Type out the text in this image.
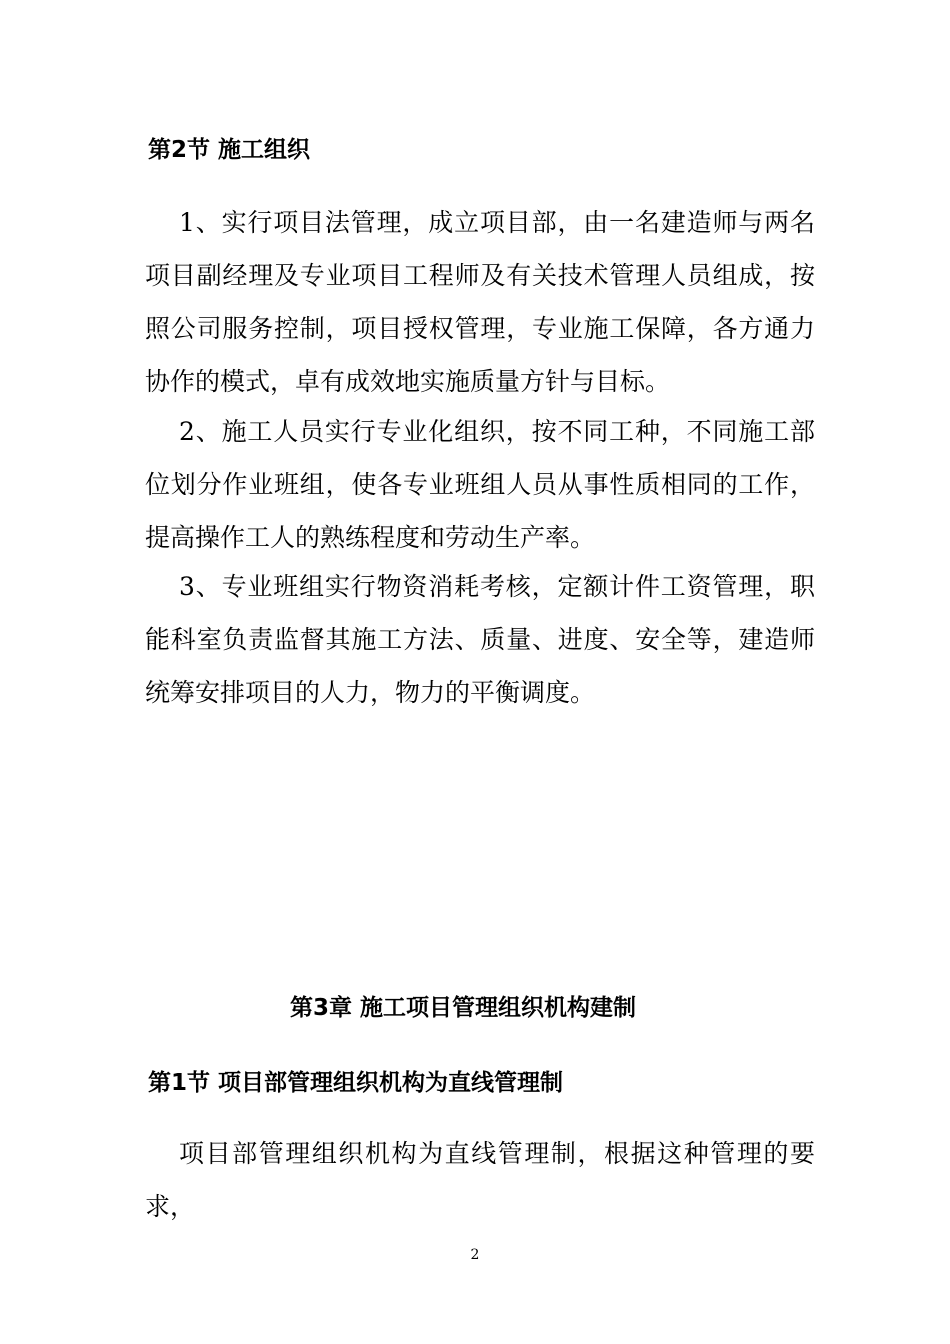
第2节 施工组织

1、实行项目法管理，成立项目部，由一名建造师与两名项目副经理及专业项目工程师及有关技术管理人员组成，按照公司服务控制，项目授权管理，专业施工保障，各方通力协作的模式，卓有成效地实施质量方针与目标。

2、施工人员实行专业化组织，按不同工种，不同施工部位划分作业班组，使各专业班组人员从事性质相同的工作，提高操作工人的熟练程度和劳动生产率。

3、专业班组实行物资消耗考核，定额计件工资管理，职能科室负责监督其施工方法、质量、进度、安全等，建造师统筹安排项目的人力，物力的平衡调度。

第3章 施工项目管理组织机构建制
第1节 项目部管理组织机构为直线管理制

项目部管理组织机构为直线管理制，根据这种管理的要求，

2
